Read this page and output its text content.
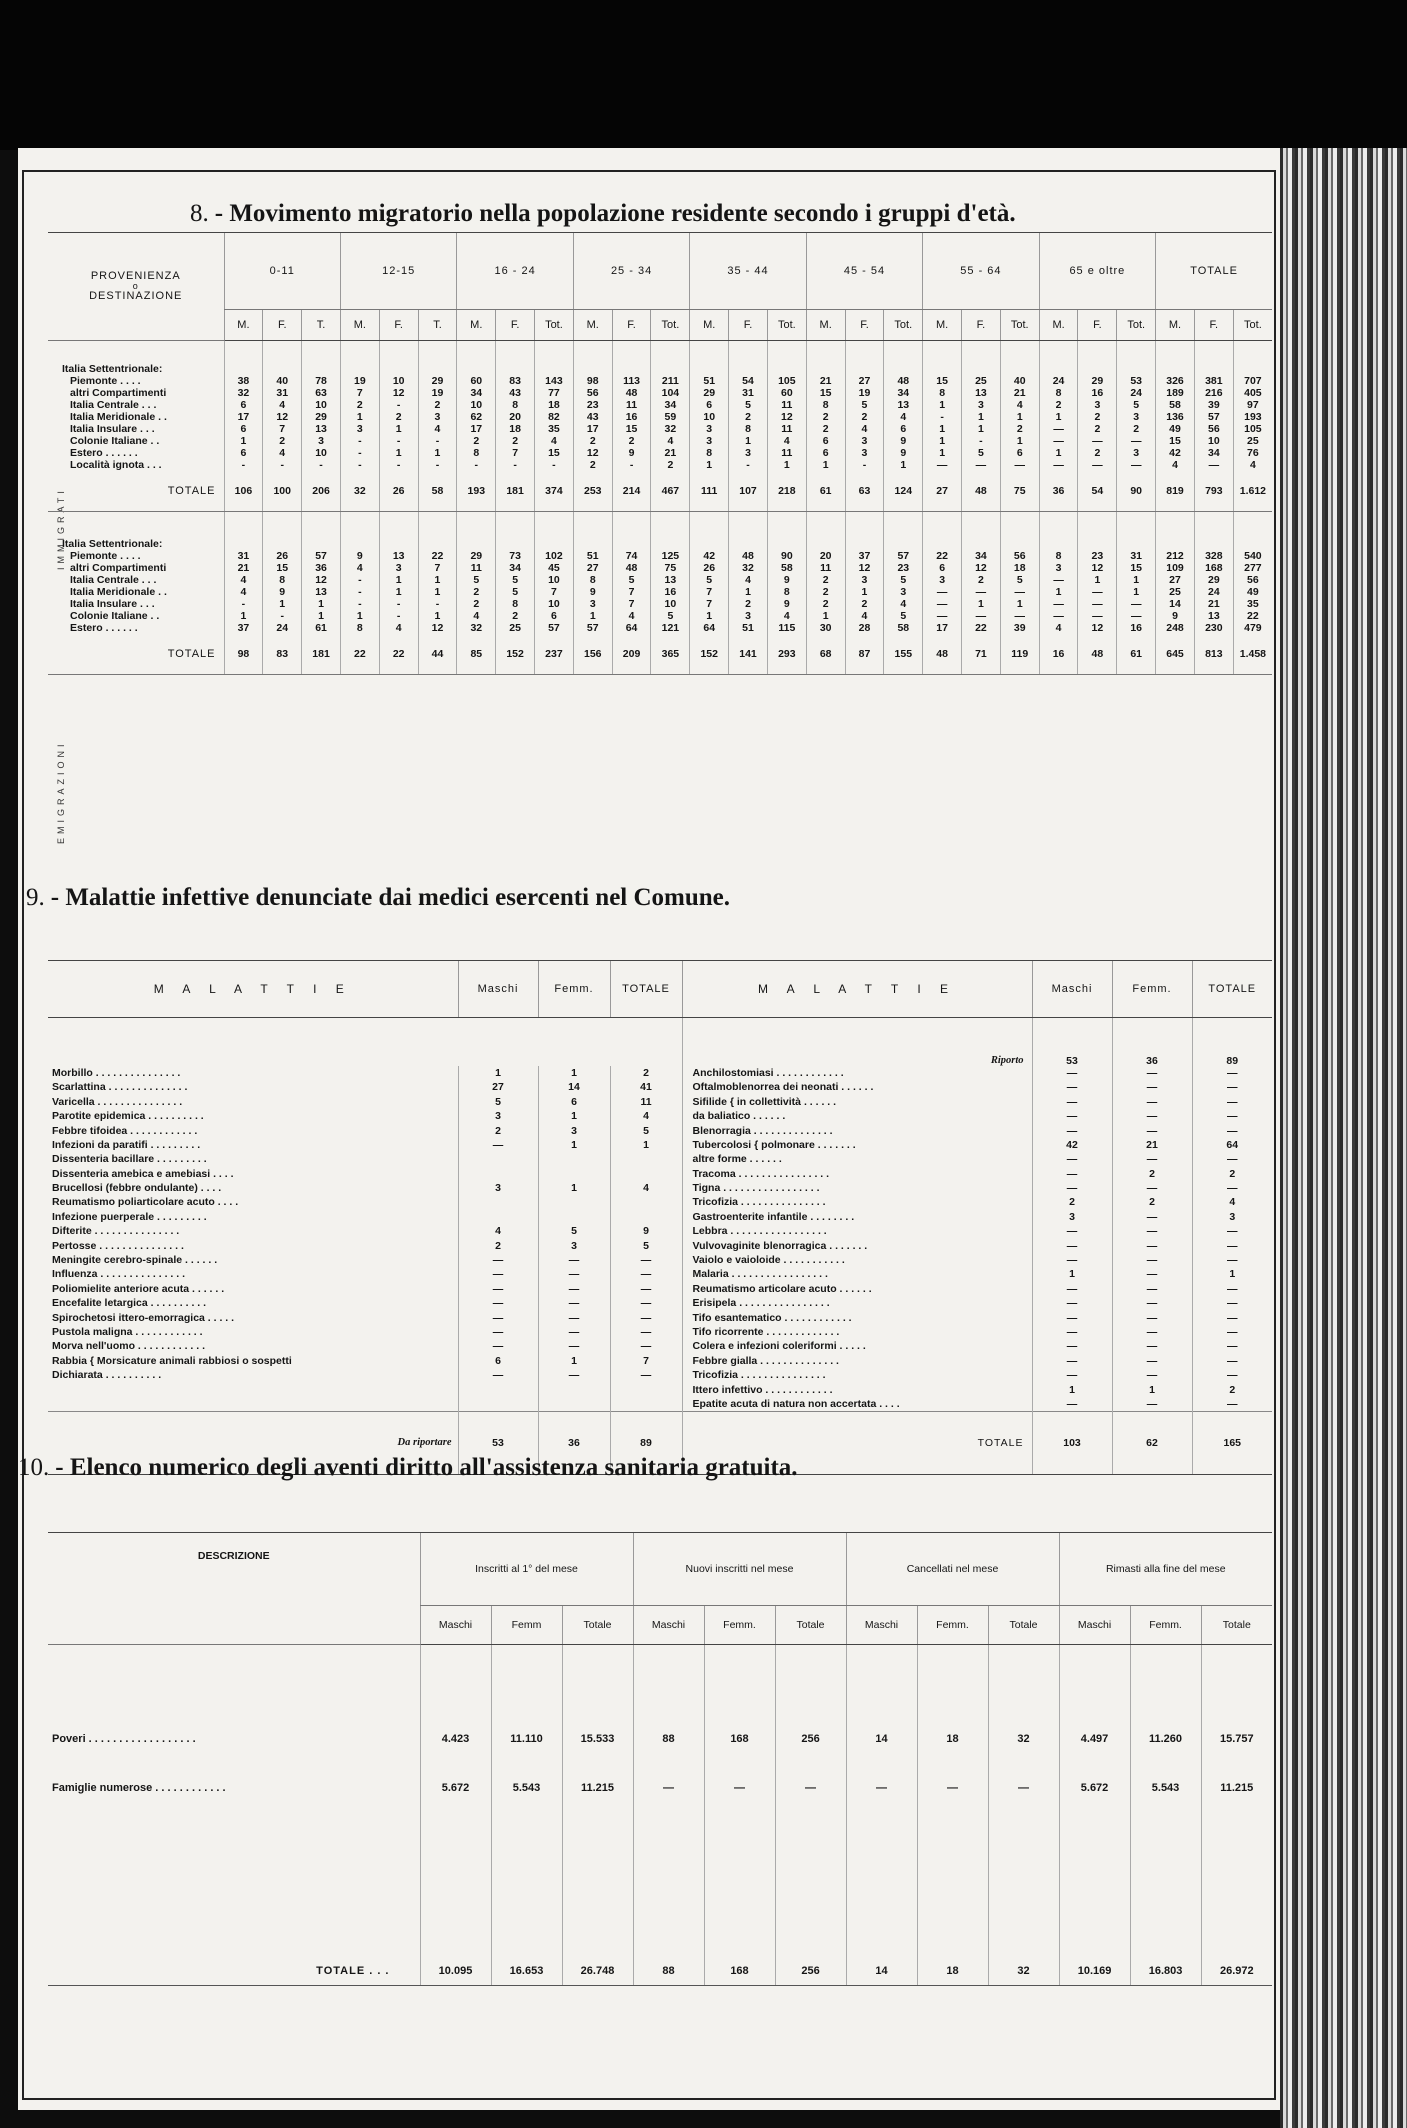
8. - Movimento migratorio nella popolazione residente secondo i gruppi d'età.
IMMIGRATI
EMIGRAZIONI
PROVENIENZA
o
DESTINAZIONE	0-11			12-15			16 - 24			25 - 34			35 - 44			45 - 54			55 - 64			65 e oltre			TOTALE		
	M.	F.	T.	M.	F.	T.	M.	F.	Tot.	M.	F.	Tot.	M.	F.	Tot.	M.	F.	Tot.	M.	F.	Tot.	M.	F.	Tot.	M.	F.	Tot.

Italia Settentrionale:																											
Piemonte . . . .	38	40	78	19	10	29	60	83	143	98	113	211	51	54	105	21	27	48	15	25	40	24	29	53	326	381	707
altri Compartimenti	32	31	63	7	12	19	34	43	77	56	48	104	29	31	60	15	19	34	8	13	21	8	16	24	189	216	405
Italia Centrale . . .	6	4	10	2	-	2	10	8	18	23	11	34	6	5	11	8	5	13	1	3	4	2	3	5	58	39	97
Italia Meridionale . .	17	12	29	1	2	3	62	20	82	43	16	59	10	2	12	2	2	4	-	1	1	1	2	3	136	57	193
Italia Insulare . . .	6	7	13	3	1	4	17	18	35	17	15	32	3	8	11	2	4	6	1	1	2	—	2	2	49	56	105
Colonie Italiane . .	1	2	3	-	-	-	2	2	4	2	2	4	3	1	4	6	3	9	1	-	1	—	—	—	15	10	25
Estero . . . . . .	6	4	10	-	1	1	8	7	15	12	9	21	8	3	11	6	3	9	1	5	6	1	2	3	42	34	76
Località ignota . . .	-	-	-	-	-	-	-	-	-	2	-	2	1	-	1	1	-	1	—	—	—	—	—	—	4	—	4
TOTALE	106	100	206	32	26	58	193	181	374	253	214	467	111	107	218	61	63	124	27	48	75	36	54	90	819	793	1.612

Italia Settentrionale:																											
Piemonte . . . .	31	26	57	9	13	22	29	73	102	51	74	125	42	48	90	20	37	57	22	34	56	8	23	31	212	328	540
altri Compartimenti	21	15	36	4	3	7	11	34	45	27	48	75	26	32	58	11	12	23	6	12	18	3	12	15	109	168	277
Italia Centrale . . .	4	8	12	-	1	1	5	5	10	8	5	13	5	4	9	2	3	5	3	2	5	—	1	1	27	29	56
Italia Meridionale . .	4	9	13	-	1	1	2	5	7	9	7	16	7	1	8	2	1	3	—	—	—	1	—	1	25	24	49
Italia Insulare . . .	-	1	1	-	-	-	2	8	10	3	7	10	7	2	9	2	2	4	—	1	1	—	—	—	14	21	35
Colonie Italiane . .	1	-	1	1	-	1	4	2	6	1	4	5	1	3	4	1	4	5	—	—	—	—	—	—	9	13	22
Estero . . . . . .	37	24	61	8	4	12	32	25	57	57	64	121	64	51	115	30	28	58	17	22	39	4	12	16	248	230	479
TOTALE	98	83	181	22	22	44	85	152	237	156	209	365	152	141	293	68	87	155	48	71	119	16	48	61	645	813	1.458
9. - Malattie infettive denunciate dai medici esercenti nel Comune.
M A L A T T I E	Maschi	Femm.	TOTALE	M A L A T T I E	Maschi	Femm.	TOTALE
				Riporto	53	36	89
Morbillo . . . . . . . . . . . . . . .	1	1	2	Anchilostomiasi . . . . . . . . . . . .	—	—	—
Scarlattina . . . . . . . . . . . . . .	27	14	41	Oftalmoblenorrea dei neonati . . . . . .	—	—	—
Varicella . . . . . . . . . . . . . . .	5	6	11	Sifilide { in collettività . . . . . .	—	—	—
Parotite epidemica . . . . . . . . . .	3	1	4	da baliatico . . . . . .	—	—	—
Febbre tifoidea . . . . . . . . . . . .	2	3	5	Blenorragia . . . . . . . . . . . . . .	—	—	—
Infezioni da paratifi . . . . . . . . .	—	1	1	Tubercolosi { polmonare . . . . . . .	42	21	64
Dissenteria bacillare . . . . . . . . .				altre forme . . . . . .	—	—	—
Dissenteria amebica e amebiasi . . . .				Tracoma . . . . . . . . . . . . . . . .	—	2	2
Brucellosi (febbre ondulante) . . . .	3	1	4	Tigna . . . . . . . . . . . . . . . . .	—	—	—
Reumatismo poliarticolare acuto . . . .				Tricofizia . . . . . . . . . . . . . . .	2	2	4
Infezione puerperale . . . . . . . . .				Gastroenterite infantile . . . . . . . .	3	—	3
Difterite . . . . . . . . . . . . . . .	4	5	9	Lebbra . . . . . . . . . . . . . . . . .	—	—	—
Pertosse . . . . . . . . . . . . . . .	2	3	5	Vulvovaginite blenorragica . . . . . . .	—	—	—
Meningite cerebro-spinale . . . . . .	—	—	—	Vaiolo e vaioloide . . . . . . . . . . .	—	—	—
Influenza . . . . . . . . . . . . . . .	—	—	—	Malaria . . . . . . . . . . . . . . . . .	1	—	1
Poliomielite anteriore acuta . . . . . .	—	—	—	Reumatismo articolare acuto . . . . . .	—	—	—
Encefalite letargica . . . . . . . . . .	—	—	—	Erisipela . . . . . . . . . . . . . . . .	—	—	—
Spirochetosi ittero-emorragica . . . . .	—	—	—	Tifo esantematico . . . . . . . . . . . .	—	—	—
Pustola maligna . . . . . . . . . . . .	—	—	—	Tifo ricorrente . . . . . . . . . . . . .	—	—	—
Morva nell'uomo . . . . . . . . . . . .	—	—	—	Colera e infezioni coleriformi . . . . .	—	—	—
Rabbia { Morsicature animali rabbiosi o sospetti	6	1	7	Febbre gialla . . . . . . . . . . . . . .	—	—	—
Dichiarata . . . . . . . . . .	—	—	—	Tricofizia . . . . . . . . . . . . . . .	—	—	—
				Ittero infettivo . . . . . . . . . . . .	1	1	2
				Epatite acuta di natura non accertata . . . .	—	—	—
Da riportare	53	36	89	TOTALE	103	62	165
10. - Elenco numerico degli aventi diritto all'assistenza sanitaria gratuita.
DESCRIZIONE	Inscritti al 1° del mese			Nuovi inscritti nel mese			Cancellati nel mese			Rimasti alla fine del mese		
	Maschi	Femm	Totale	Maschi	Femm.	Totale	Maschi	Femm.	Totale	Maschi	Femm.	Totale
Poveri . . . . . . . . . . . . . . . . . .	4.423	11.110	15.533	88	168	256	14	18	32	4.497	11.260	15.757
Famiglie numerose . . . . . . . . . . . .	5.672	5.543	11.215	—	—	—	—	—	—	5.672	5.543	11.215
TOTALE . . .	10.095	16.653	26.748	88	168	256	14	18	32	10.169	16.803	26.972
